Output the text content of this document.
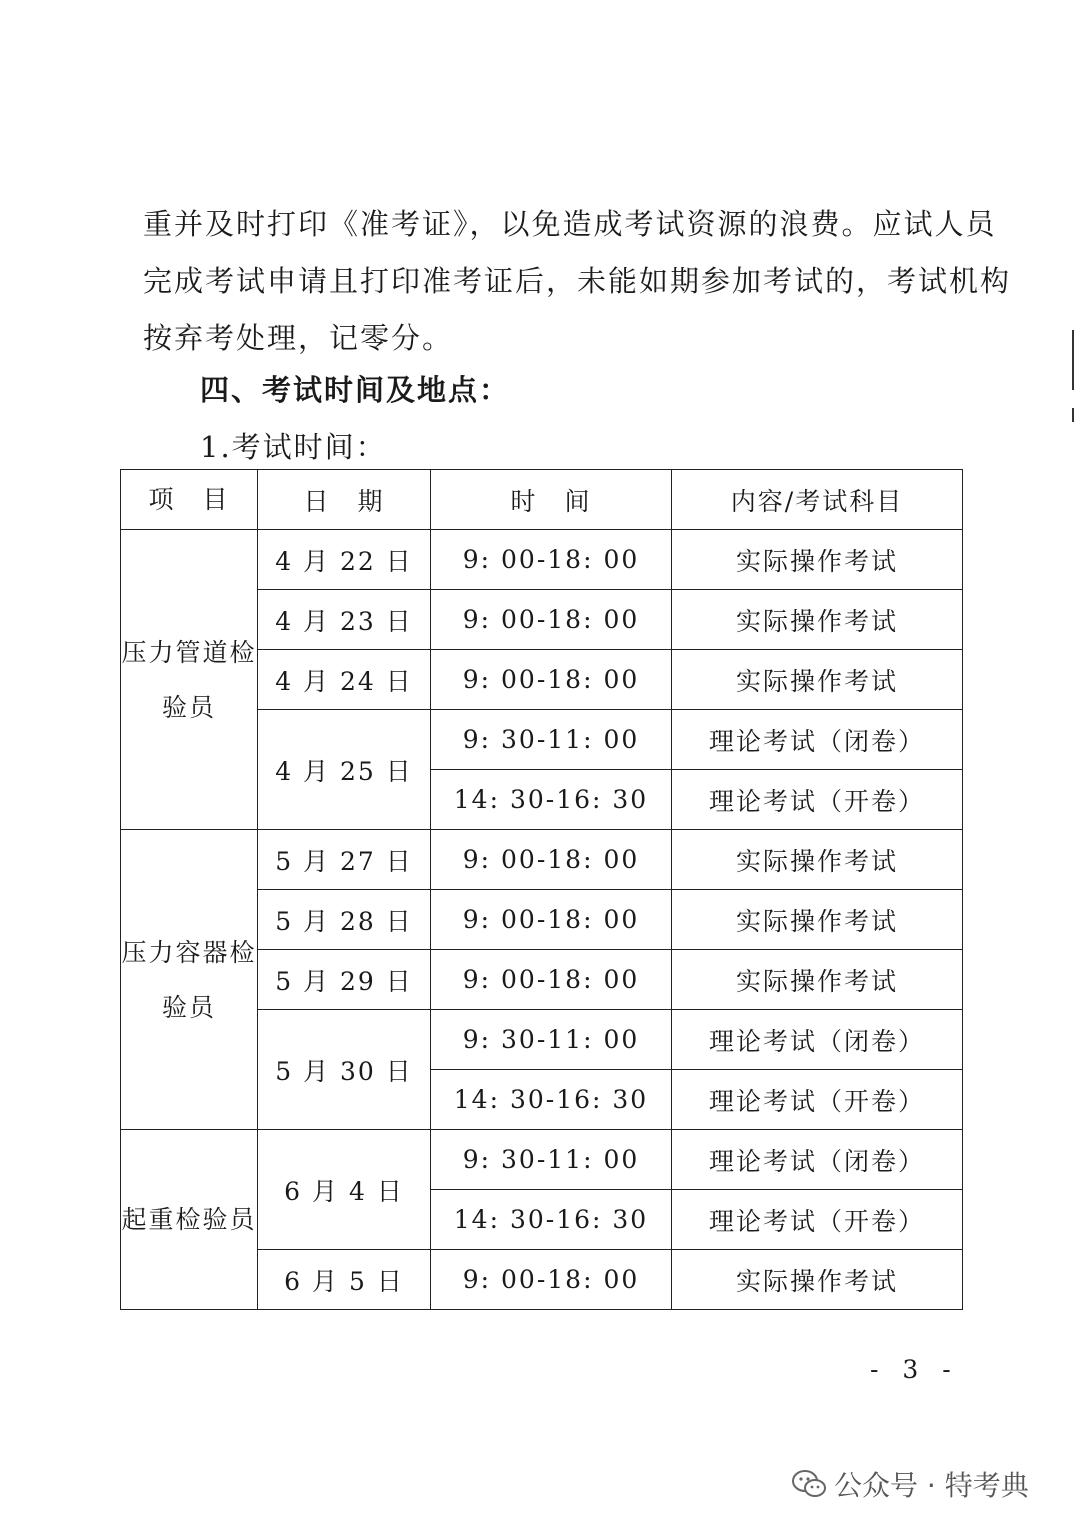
重并及时打印《准考证》，以免造成考试资源的浪费。应试人员

完成考试申请且打印准考证后，未能如期参加考试的，考试机构

按弃考处理，记零分。

四、考试时间及地点：
1.考试时间：
项　目	日　期	时　间	内容/考试科目
压力管道检验员	4 月 22 日	9: 00-18: 00	实际操作考试
	4 月 23 日	9: 00-18: 00	实际操作考试
	4 月 24 日	9: 00-18: 00	实际操作考试
	4 月 25 日	9: 30-11: 00	理论考试（闭卷）
		14: 30-16: 30	理论考试（开卷）
压力容器检验员	5 月 27 日	9: 00-18: 00	实际操作考试
	5 月 28 日	9: 00-18: 00	实际操作考试
	5 月 29 日	9: 00-18: 00	实际操作考试
	5 月 30 日	9: 30-11: 00	理论考试（闭卷）
		14: 30-16: 30	理论考试（开卷）
起重检验员	6 月 4 日	9: 30-11: 00	理论考试（闭卷）
		14: 30-16: 30	理论考试（开卷）
	6 月 5 日	9: 00-18: 00	实际操作考试
- 3 -
公众号 · 特考典
